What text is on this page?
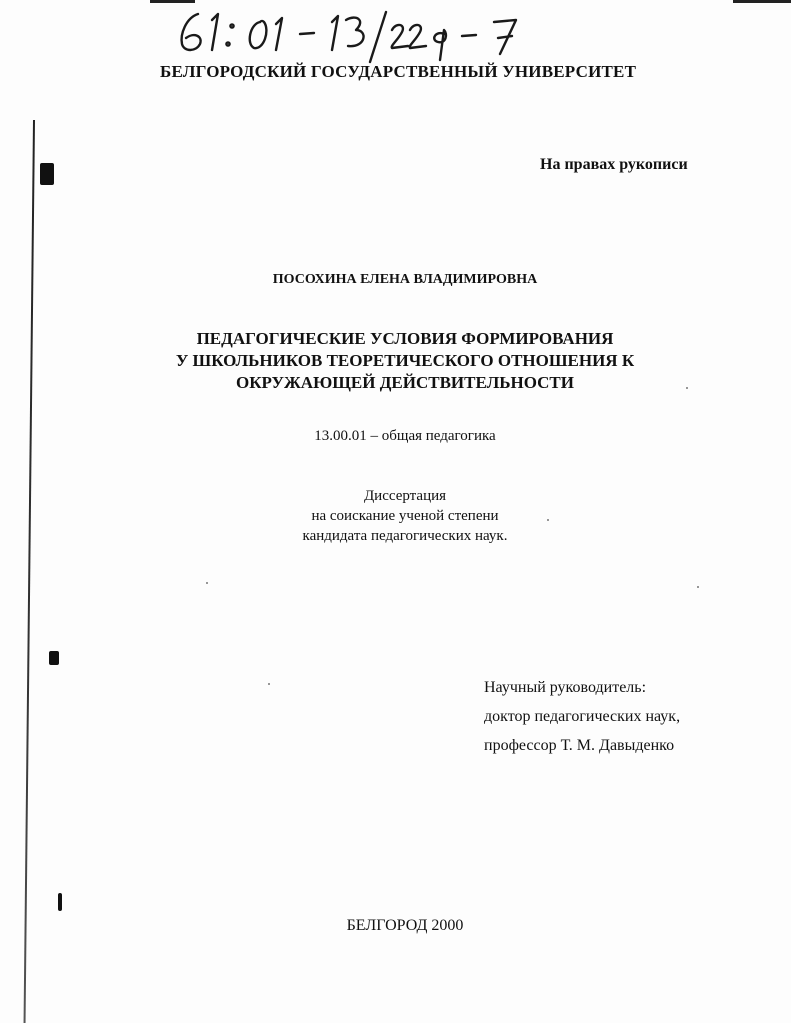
БЕЛГОРОДСКИЙ ГОСУДАРСТВЕННЫЙ УНИВЕРСИТЕТ
На правах рукописи
ПОСОХИНА ЕЛЕНА ВЛАДИМИРОВНА
ПЕДАГОГИЧЕСКИЕ УСЛОВИЯ ФОРМИРОВАНИЯ
У ШКОЛЬНИКОВ ТЕОРЕТИЧЕСКОГО ОТНОШЕНИЯ К
ОКРУЖАЮЩЕЙ ДЕЙСТВИТЕЛЬНОСТИ
13.00.01 – общая педагогика
Диссертация
на соискание ученой степени
кандидата педагогических наук.
Научный руководитель:
доктор педагогических наук,
профессор Т. М. Давыденко
БЕЛГОРОД 2000
